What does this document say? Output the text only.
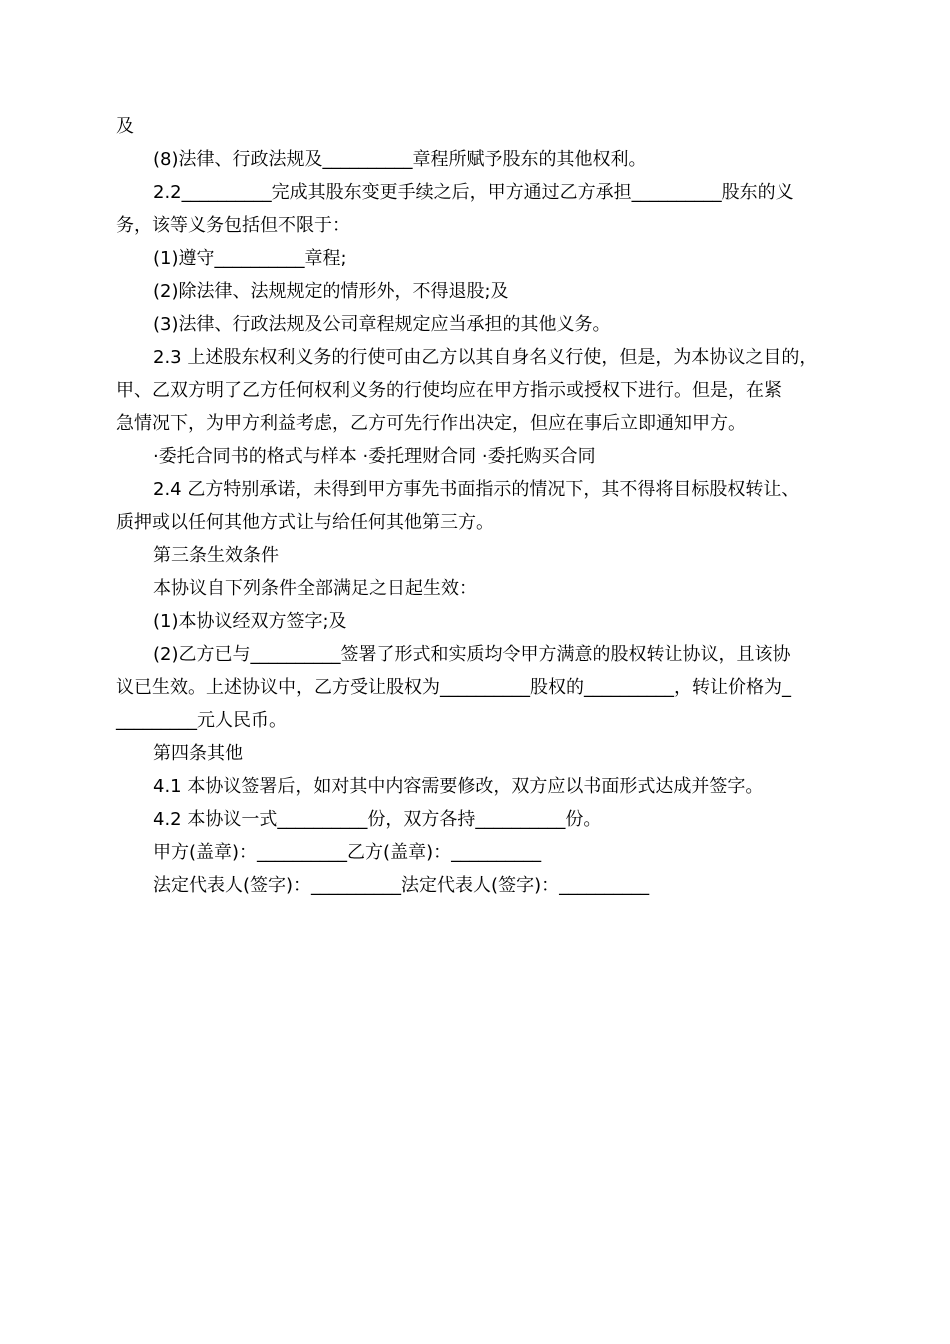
及
(8)法律、行政法规及__________章程所赋予股东的其他权利。
2.2__________完成其股东变更手续之后，甲方通过乙方承担__________股东的义
务，该等义务包括但不限于：
(1)遵守__________章程;
(2)除法律、法规规定的情形外，不得退股;及
(3)法律、行政法规及公司章程规定应当承担的其他义务。
2.3 上述股东权利义务的行使可由乙方以其自身名义行使，但是，为本协议之目的，
甲、乙双方明了乙方任何权利义务的行使均应在甲方指示或授权下进行。但是，在紧
急情况下，为甲方利益考虑，乙方可先行作出决定，但应在事后立即通知甲方。
·委托合同书的格式与样本 ·委托理财合同 ·委托购买合同
2.4 乙方特别承诺，未得到甲方事先书面指示的情况下，其不得将目标股权转让、
质押或以任何其他方式让与给任何其他第三方。
第三条生效条件
本协议自下列条件全部满足之日起生效：
(1)本协议经双方签字;及
(2)乙方已与__________签署了形式和实质均令甲方满意的股权转让协议，且该协
议已生效。上述协议中，乙方受让股权为__________股权的__________，转让价格为_
_________元人民币。
第四条其他
4.1 本协议签署后，如对其中内容需要修改，双方应以书面形式达成并签字。
4.2 本协议一式__________份，双方各持__________份。
甲方(盖章)：__________乙方(盖章)：__________
法定代表人(签字)：__________法定代表人(签字)：__________
